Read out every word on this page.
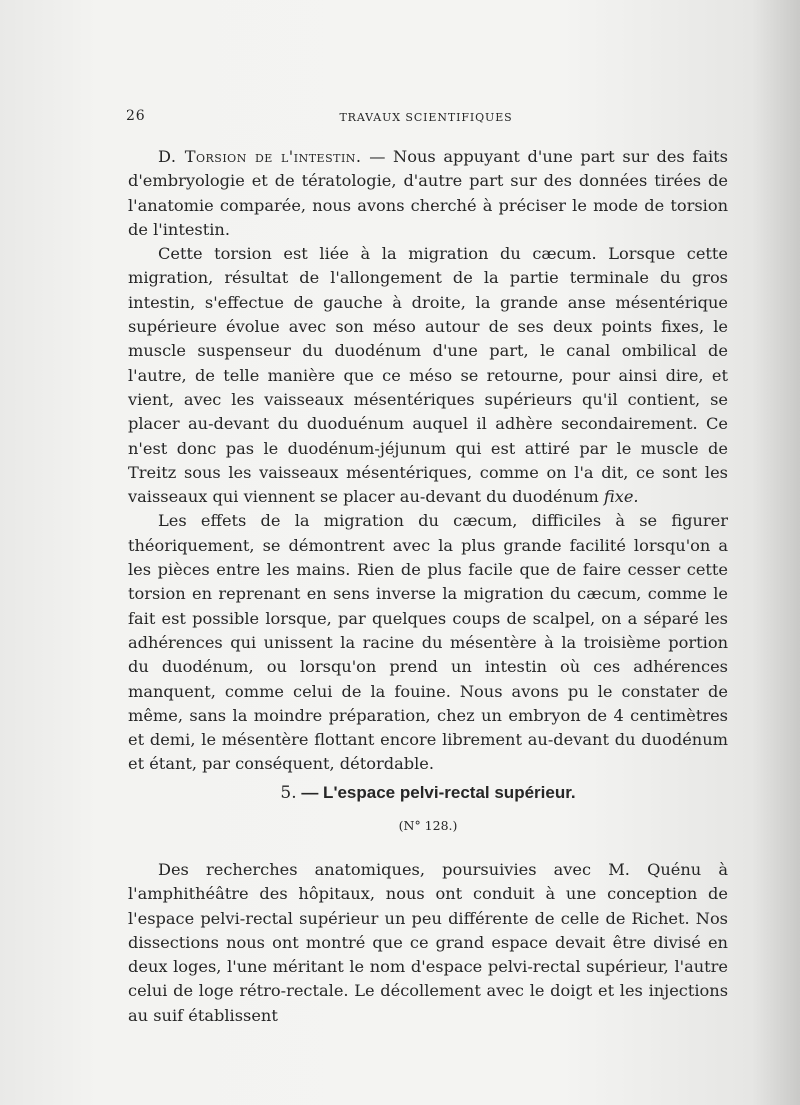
26	TRAVAUX SCIENTIFIQUES

D. Torsion de l'intestin. — Nous appuyant d'une part sur des faits d'embryologie et de tératologie, d'autre part sur des données tirées de l'anatomie comparée, nous avons cherché à préciser le mode de torsion de l'intestin.

Cette torsion est liée à la migration du cæcum. Lorsque cette migration, résultat de l'allongement de la partie terminale du gros intestin, s'effectue de gauche à droite, la grande anse mésentérique supérieure évolue avec son méso autour de ses deux points fixes, le muscle suspenseur du duodénum d'une part, le canal ombilical de l'autre, de telle manière que ce méso se retourne, pour ainsi dire, et vient, avec les vaisseaux mésentériques supérieurs qu'il contient, se placer au-devant du duoduénum auquel il adhère secondairement. Ce n'est donc pas le duodénum-jéjunum qui est attiré par le muscle de Treitz sous les vaisseaux mésentériques, comme on l'a dit, ce sont les vaisseaux qui viennent se placer au-devant du duodénum fixe.

Les effets de la migration du cæcum, difficiles à se figurer théoriquement, se démontrent avec la plus grande facilité lorsqu'on a les pièces entre les mains. Rien de plus facile que de faire cesser cette torsion en reprenant en sens inverse la migration du cæcum, comme le fait est possible lorsque, par quelques coups de scalpel, on a séparé les adhérences qui unissent la racine du mésentère à la troisième portion du duodénum, ou lorsqu'on prend un intestin où ces adhérences manquent, comme celui de la fouine. Nous avons pu le constater de même, sans la moindre préparation, chez un embryon de 4 centimètres et demi, le mésentère flottant encore librement au-devant du duodénum et étant, par conséquent, détordable.

5. — L'espace pelvi-rectal supérieur.
(N° 128.)

Des recherches anatomiques, poursuivies avec M. Quénu à l'amphithéâtre des hôpitaux, nous ont conduit à une conception de l'espace pelvi-rectal supérieur un peu différente de celle de Richet. Nos dissections nous ont montré que ce grand espace devait être divisé en deux loges, l'une méritant le nom d'espace pelvi-rectal supérieur, l'autre celui de loge rétro-rectale. Le décollement avec le doigt et les injections au suif établissent
